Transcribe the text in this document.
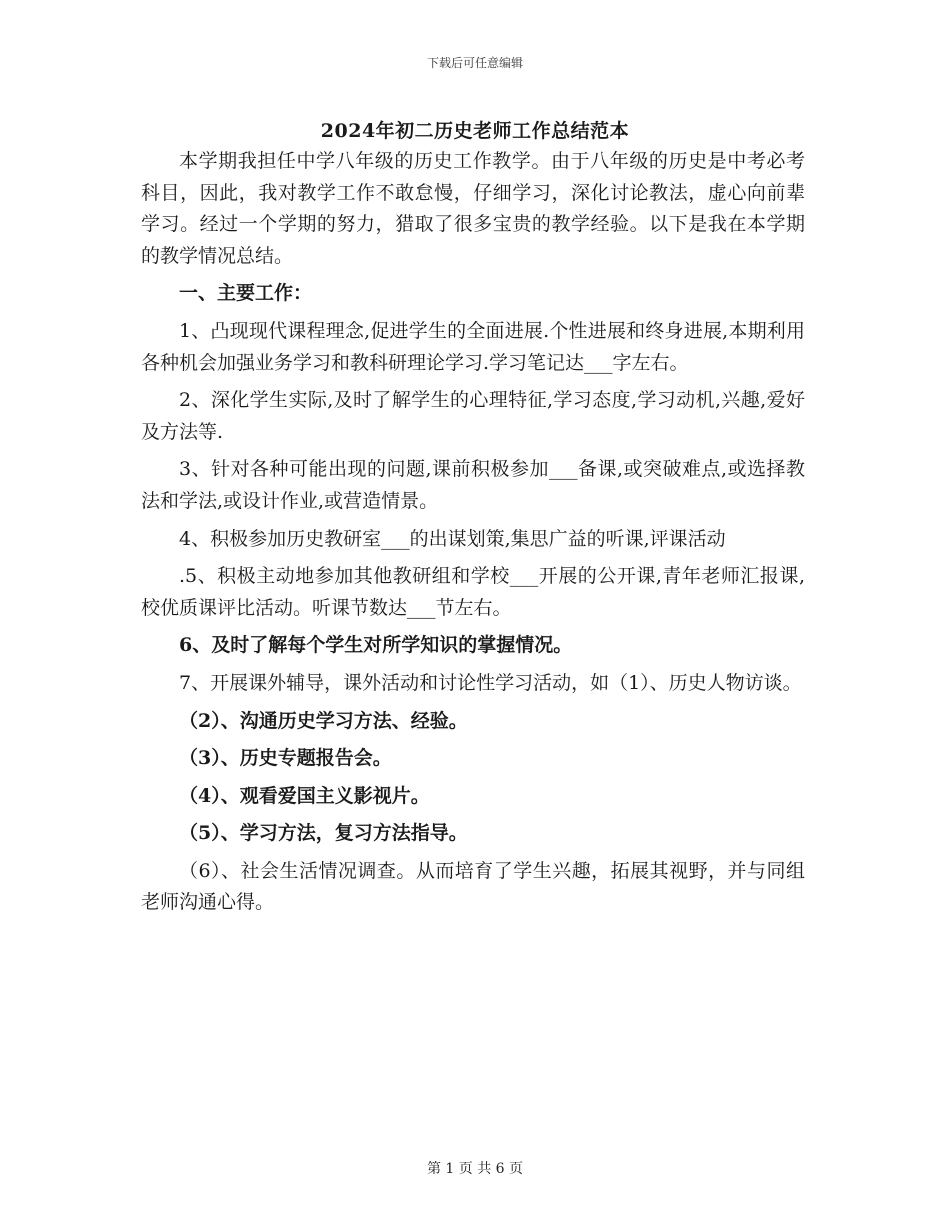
下载后可任意编辑
2024年初二历史老师工作总结范本

本学期我担任中学八年级的历史工作教学。由于八年级的历史是中考必考科目，因此，我对教学工作不敢怠慢，仔细学习，深化讨论教法，虚心向前辈学习。经过一个学期的努力，猎取了很多宝贵的教学经验。以下是我在本学期的教学情况总结。

一、主要工作：

1、凸现现代课程理念,促进学生的全面进展.个性进展和终身进展,本期利用各种机会加强业务学习和教科研理论学习.学习笔记达___字左右。

2、深化学生实际,及时了解学生的心理特征,学习态度,学习动机,兴趣,爱好及方法等.

3、针对各种可能出现的问题,课前积极参加___备课,或突破难点,或选择教法和学法,或设计作业,或营造情景。

4、积极参加历史教研室___的出谋划策,集思广益的听课,评课活动

.5、积极主动地参加其他教研组和学校___开展的公开课,青年老师汇报课,校优质课评比活动。听课节数达___节左右。

6、及时了解每个学生对所学知识的掌握情况。

7、开展课外辅导，课外活动和讨论性学习活动，如（1）、历史人物访谈。

（2）、沟通历史学习方法、经验。

（3）、历史专题报告会。

（4）、观看爱国主义影视片。

（5）、学习方法，复习方法指导。

（6）、社会生活情况调查。从而培育了学生兴趣，拓展其视野，并与同组老师沟通心得。

第 1 页 共 6 页
